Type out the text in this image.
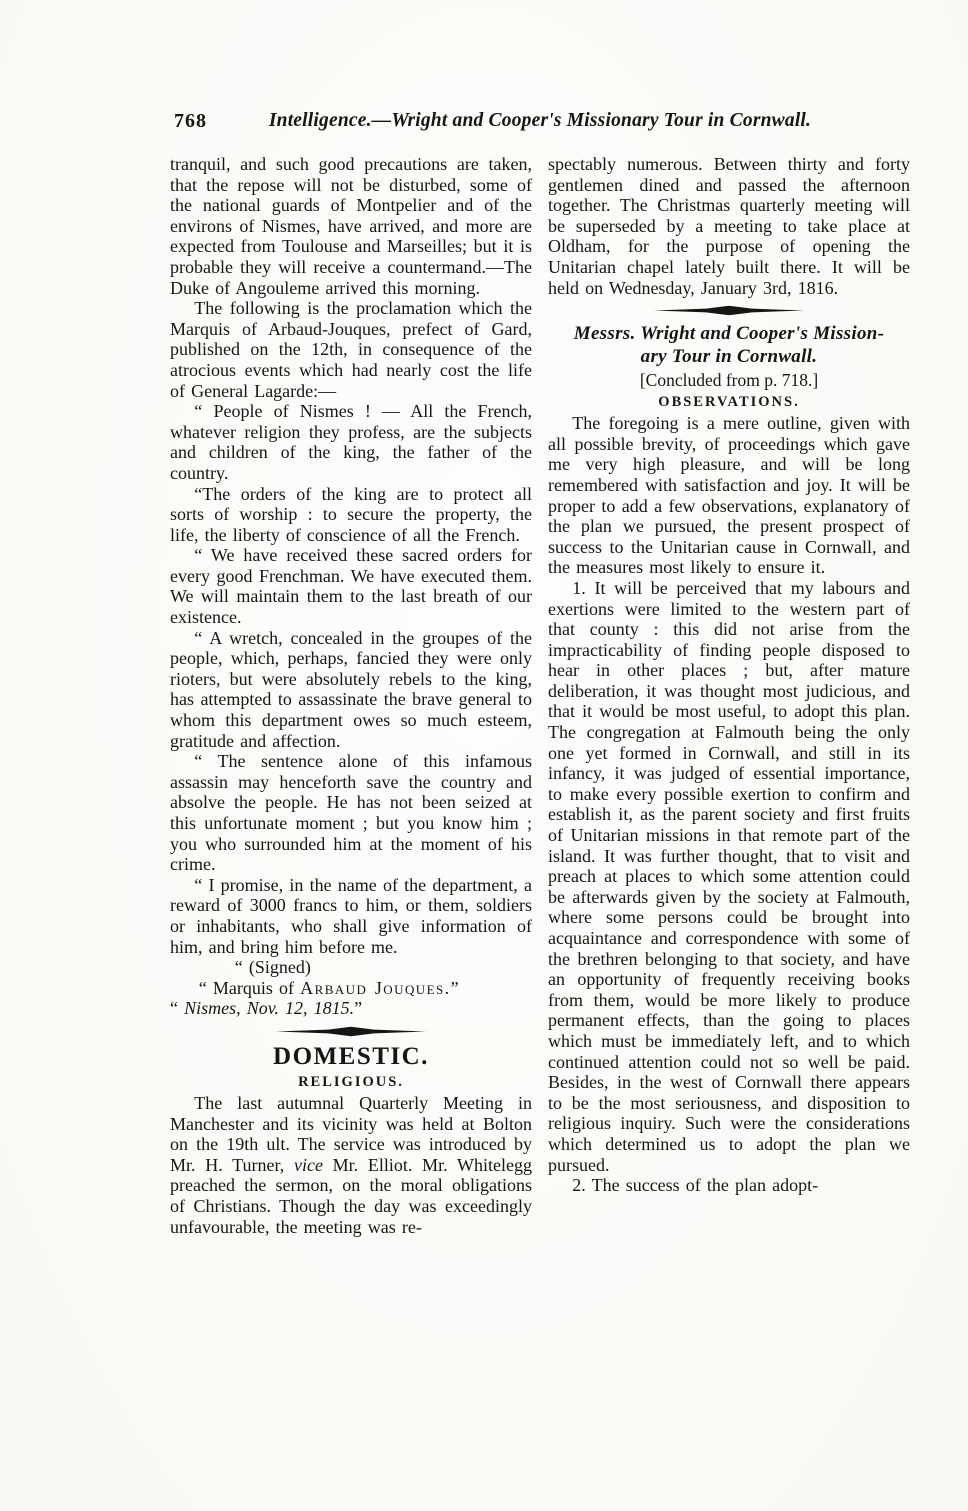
768	Intelligence.—Wright and Cooper's Missionary Tour in Cornwall.

tranquil, and such good precautions are taken, that the repose will not be disturbed, some of the national guards of Montpelier and of the environs of Nismes, have arrived, and more are expected from Toulouse and Marseilles; but it is probable they will receive a countermand.—The Duke of Angouleme arrived this morning.

The following is the proclamation which the Marquis of Arbaud-Jouques, prefect of Gard, published on the 12th, in consequence of the atrocious events which had nearly cost the life of General Lagarde:—

“ People of Nismes ! — All the French, whatever religion they profess, are the subjects and children of the king, the father of the country.

“The orders of the king are to protect all sorts of worship : to secure the property, the life, the liberty of conscience of all the French.

“ We have received these sacred orders for every good Frenchman. We have executed them. We will maintain them to the last breath of our existence.

“ A wretch, concealed in the groupes of the people, which, perhaps, fancied they were only rioters, but were absolutely rebels to the king, has attempted to assassinate the brave general to whom this department owes so much esteem, gratitude and affection.

“ The sentence alone of this infamous assassin may henceforth save the country and absolve the people. He has not been seized at this unfortunate moment ; but you know him ; you who surrounded him at the moment of his crime.

“ I promise, in the name of the department, a reward of 3000 francs to him, or them, soldiers or inhabitants, who shall give information of him, and bring him before me.

“ (Signed)

“ Marquis of Arbaud Jouques.”

“ Nismes, Nov. 12, 1815.”

DOMESTIC.
RELIGIOUS.

The last autumnal Quarterly Meeting in Manchester and its vicinity was held at Bolton on the 19th ult. The service was introduced by Mr. H. Turner, vice Mr. Elliot. Mr. Whitelegg preached the sermon, on the moral obligations of Christians. Though the day was exceedingly unfavourable, the meeting was re-

spectably numerous. Between thirty and forty gentlemen dined and passed the afternoon together. The Christmas quarterly meeting will be superseded by a meeting to take place at Oldham, for the purpose of opening the Unitarian chapel lately built there. It will be held on Wednesday, January 3rd, 1816.

Messrs. Wright and Cooper's Mission-
ary Tour in Cornwall.

[Concluded from p. 718.]

OBSERVATIONS.

The foregoing is a mere outline, given with all possible brevity, of proceedings which gave me very high pleasure, and will be long remembered with satisfaction and joy. It will be proper to add a few observations, explanatory of the plan we pursued, the present prospect of success to the Unitarian cause in Cornwall, and the measures most likely to ensure it.

1. It will be perceived that my labours and exertions were limited to the western part of that county : this did not arise from the impracticability of finding people disposed to hear in other places ; but, after mature deliberation, it was thought most judicious, and that it would be most useful, to adopt this plan. The congregation at Falmouth being the only one yet formed in Cornwall, and still in its infancy, it was judged of essential importance, to make every possible exertion to confirm and establish it, as the parent society and first fruits of Unitarian missions in that remote part of the island. It was further thought, that to visit and preach at places to which some attention could be afterwards given by the society at Falmouth, where some persons could be brought into acquaintance and correspondence with some of the brethren belonging to that society, and have an opportunity of frequently receiving books from them, would be more likely to produce permanent effects, than the going to places which must be immediately left, and to which continued attention could not so well be paid. Besides, in the west of Cornwall there appears to be the most seriousness, and disposition to religious inquiry. Such were the considerations which determined us to adopt the plan we pursued.

2. The success of the plan adopt-
